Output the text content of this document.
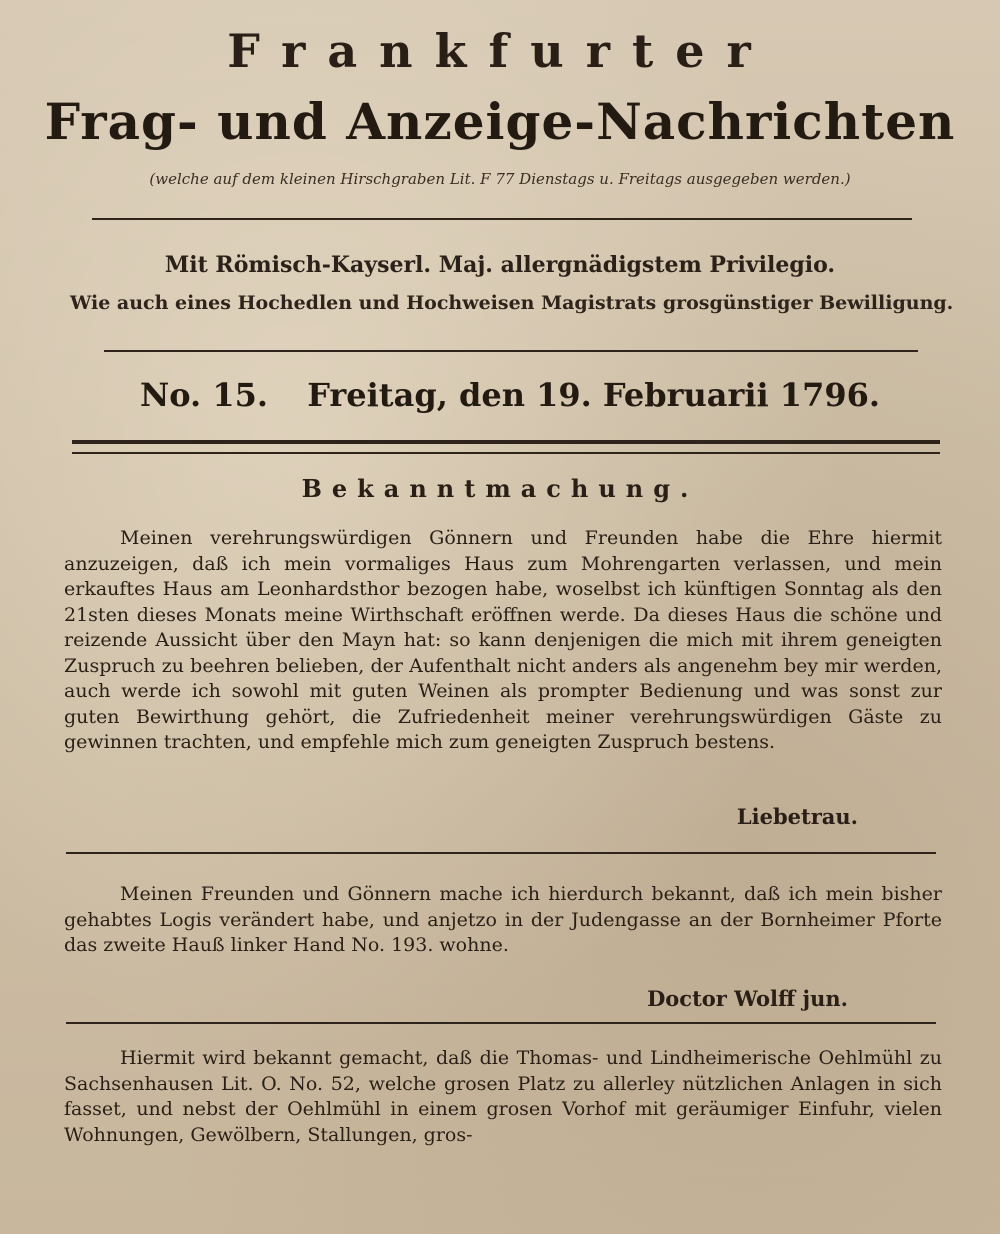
Frankfurter
Frag- und Anzeige-Nachrichten
(welche auf dem kleinen Hirschgraben Lit. F 77 Dienstags u. Freitags ausgegeben werden.)
Mit Römisch-Kayserl. Maj. allergnädigstem Privilegio.
Wie auch eines Hochedlen und Hochweisen Magistrats grosgünstiger Bewilligung.
No. 15. Freitag, den 19. Februarii 1796.
Bekanntmachung.

Meinen verehrungswürdigen Gönnern und Freunden habe die Ehre hiermit anzuzeigen, daß ich mein vormaliges Haus zum Mohrengarten verlassen, und mein erkauftes Haus am Leonhardsthor bezogen habe, woselbst ich künftigen Sonntag als den 21sten dieses Monats meine Wirthschaft eröffnen werde. Da dieses Haus die schöne und reizende Aussicht über den Mayn hat: so kann denjenigen die mich mit ihrem geneigten Zuspruch zu beehren belieben, der Aufenthalt nicht anders als angenehm bey mir werden, auch werde ich sowohl mit guten Weinen als prompter Bedienung und was sonst zur guten Bewirthung gehört, die Zufriedenheit meiner verehrungswürdigen Gäste zu gewinnen trachten, und empfehle mich zum geneigten Zuspruch bestens.

Liebetrau.

Meinen Freunden und Gönnern mache ich hierdurch bekannt, daß ich mein bisher gehabtes Logis verändert habe, und anjetzo in der Judengasse an der Bornheimer Pforte das zweite Hauß linker Hand No. 193. wohne.

Doctor Wolff jun.

Hiermit wird bekannt gemacht, daß die Thomas- und Lindheimerische Oehlmühl zu Sachsenhausen Lit. O. No. 52, welche grosen Platz zu allerley nützlichen Anlagen in sich fasset, und nebst der Oehlmühl in einem grosen Vorhof mit geräumiger Einfuhr, vielen Wohnungen, Gewölbern, Stallungen, gros-
